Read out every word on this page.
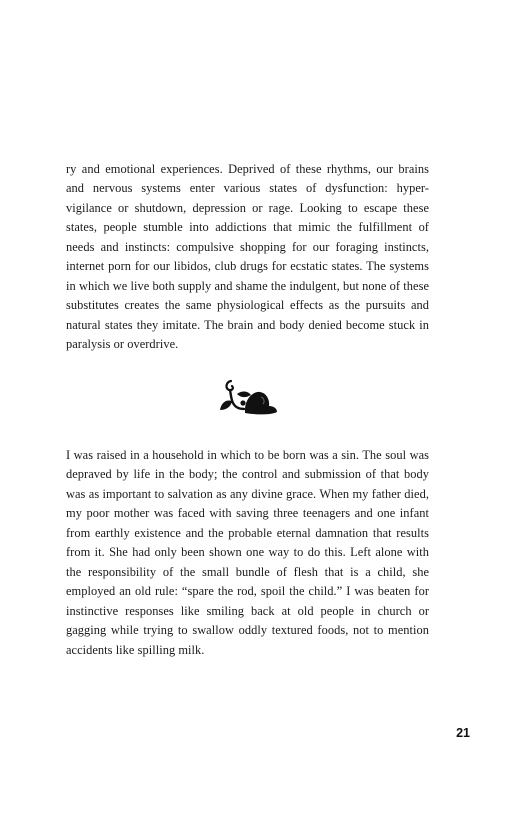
ry and emotional experiences. Deprived of these rhythms, our brains and nervous systems enter various states of dysfunction: hyper-vigilance or shutdown, depression or rage. Looking to escape these states, people stumble into addictions that mimic the fulfillment of needs and instincts: compulsive shopping for our foraging instincts, internet porn for our libidos, club drugs for ecstatic states. The systems in which we live both supply and shame the indulgent, but none of these substitutes creates the same physiological effects as the pursuits and natural states they imitate. The brain and body denied become stuck in paralysis or overdrive.

I was raised in a household in which to be born was a sin. The soul was depraved by life in the body; the control and submission of that body was as important to salvation as any divine grace. When my father died, my poor mother was faced with saving three teenagers and one infant from earthly existence and the probable eternal damnation that results from it. She had only been shown one way to do this. Left alone with the responsibility of the small bundle of flesh that is a child, she employed an old rule: “spare the rod, spoil the child.” I was beaten for instinctive responses like smiling back at old people in church or gagging while trying to swallow oddly textured foods, not to mention accidents like spilling milk.

21
